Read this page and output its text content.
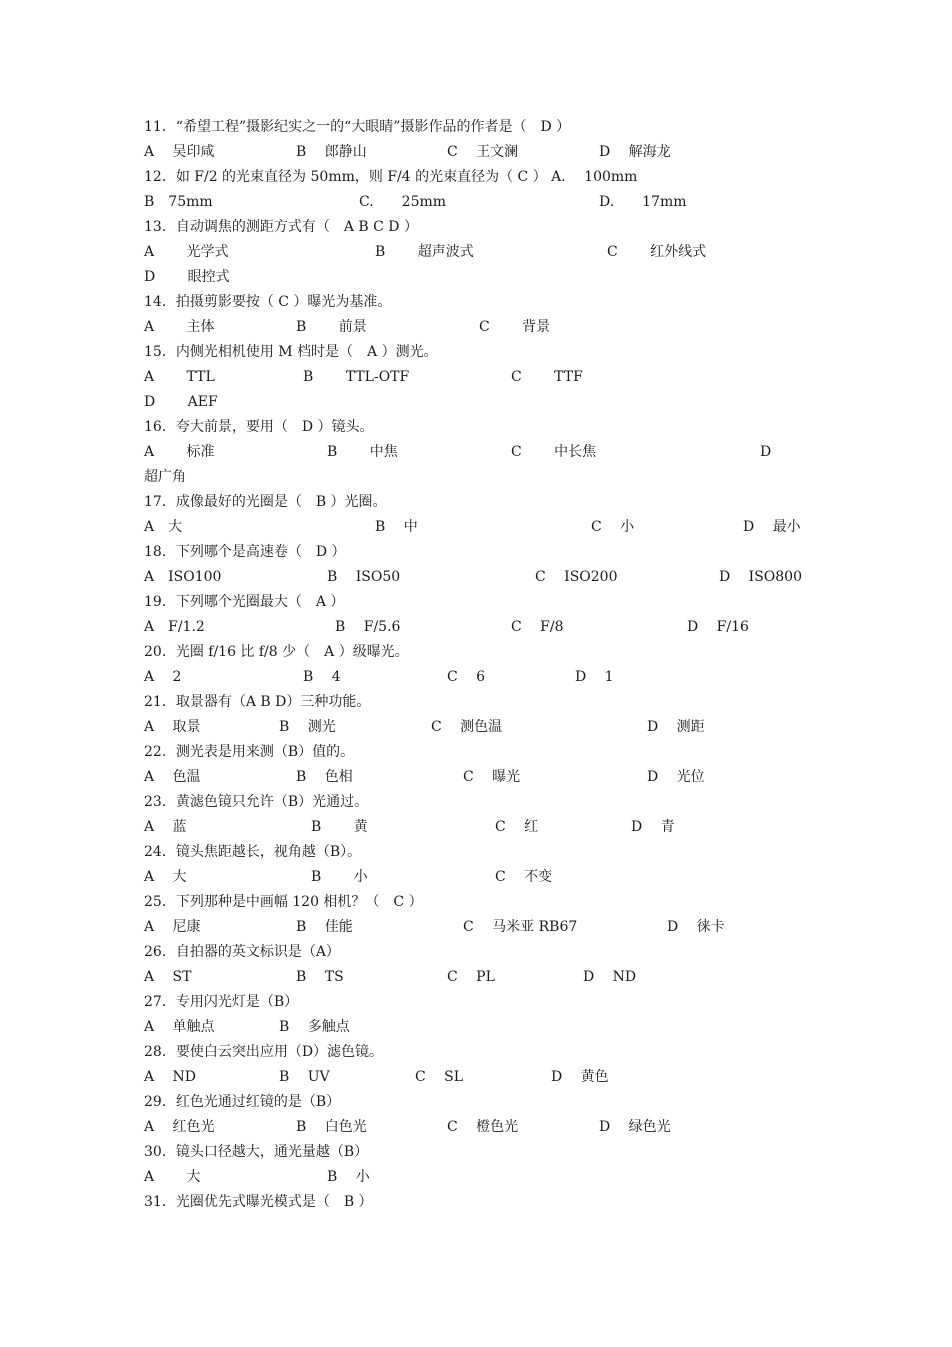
11．“希望工程”摄影纪实之一的“大眼睛”摄影作品的作者是（　D ）
A　 吴印咸	B　 郎静山	C　 王文澜	D　 解海龙
12．如 F/2 的光束直径为 50mm，则 F/4 的光束直径为（ C ） A.　 100mm
B　75mm	C.　　25mm	D.　　17mm
13．自动调焦的测距方式有（　A B C D ）
A　　 光学式	B　　 超声波式	C　　 红外线式
D　　 眼控式
14．拍摄剪影要按（ C ）曝光为基准。
A　　 主体	B　　 前景	C　　 背景
15．内侧光相机使用 M 档时是（　A ）测光。
A　　 TTL	B　　 TTL-OTF	C　　 TTF
D　　 AEF
16．夸大前景，要用（　D ）镜头。
A　　 标准	B　　 中焦	C　　 中长焦	D
超广角
17．成像最好的光圈是（　B ）光圈。
A　大	B　 中	C　 小	D　 最小
18．下列哪个是高速卷（　D ）
A　ISO100	B　 ISO50	C　 ISO200	D　 ISO800
19．下列哪个光圈最大（　A ）
A　F/1.2	B　 F/5.6	C　 F/8	D　 F/16
20．光圈 f/16 比 f/8 少（　A ）级曝光。
A　 2	B　 4	C　 6	D　 1
21．取景器有（A B D）三种功能。
A　 取景	B　 测光	C　 测色温	D　 测距
22．测光表是用来测（B）值的。
A　 色温	B　 色相	C　 曝光	D　 光位
23．黄滤色镜只允许（B）光通过。
A　 蓝	B　　 黄	C　 红	D　 青
24．镜头焦距越长，视角越（B）。
A　 大	B　　 小	C　 不变
25．下列那种是中画幅 120 相机？（　C ）
A　 尼康	B　 佳能	C　 马米亚 RB67	D　 徕卡
26．自拍器的英文标识是（A）
A　 ST	B　 TS	C　 PL	D　 ND
27．专用闪光灯是（B）
A　 单触点	B　 多触点
28．要使白云突出应用（D）滤色镜。
A　 ND	B　 UV	C　 SL	D　 黄色
29．红色光通过红镜的是（B）
A　 红色光	B　 白色光	C　 橙色光	D　 绿色光
30．镜头口径越大，通光量越（B）
A　　 大	B　 小
31．光圈优先式曝光模式是（　B ）
